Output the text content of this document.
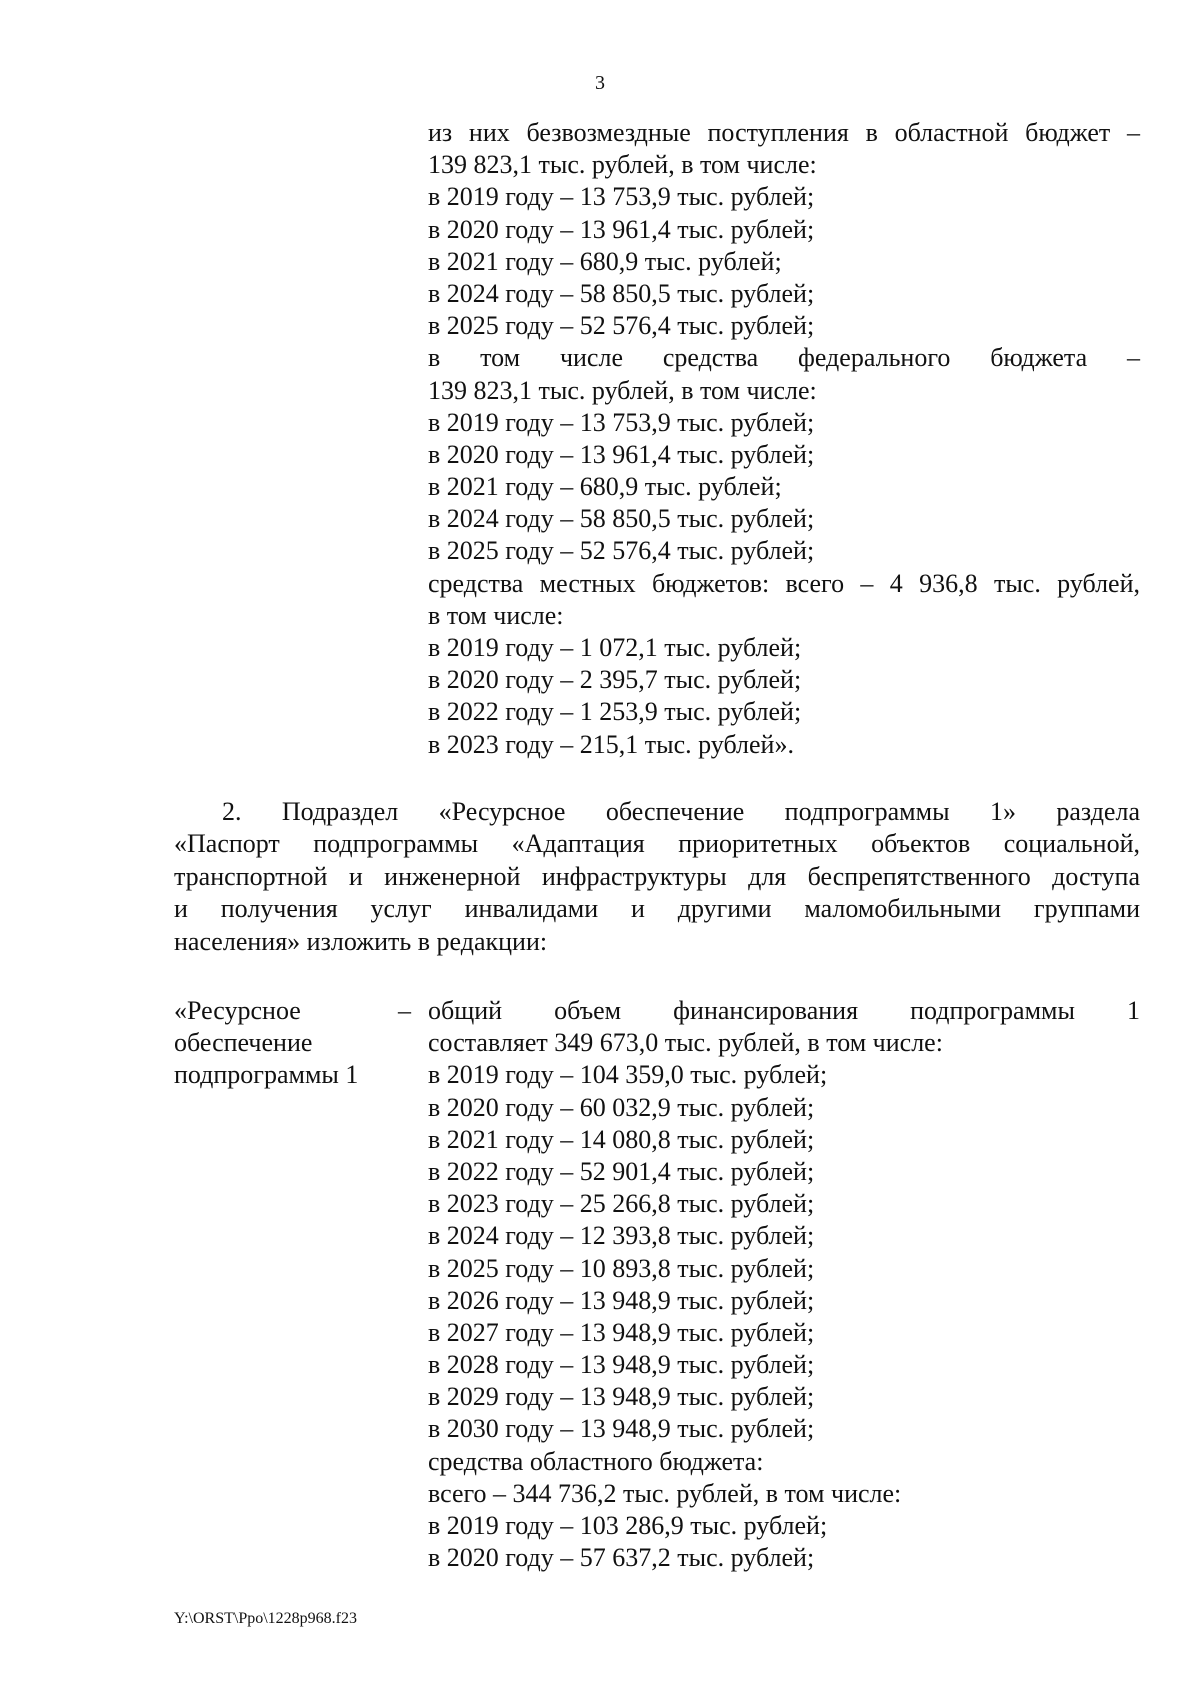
3
из них безвозмездные поступления в областной бюджет –
139 823,1 тыс. рублей, в том числе:
в 2019 году – 13 753,9 тыс. рублей;
в 2020 году – 13 961,4 тыс. рублей;
в 2021 году – 680,9 тыс. рублей;
в 2024 году – 58 850,5 тыс. рублей;
в 2025 году – 52 576,4 тыс. рублей;
в том числе средства федерального бюджета –
139 823,1 тыс. рублей, в том числе:
в 2019 году – 13 753,9 тыс. рублей;
в 2020 году – 13 961,4 тыс. рублей;
в 2021 году – 680,9 тыс. рублей;
в 2024 году – 58 850,5 тыс. рублей;
в 2025 году – 52 576,4 тыс. рублей;
средства местных бюджетов: всего – 4 936,8 тыс. рублей,
в том числе:
в 2019 году – 1 072,1 тыс. рублей;
в 2020 году – 2 395,7 тыс. рублей;
в 2022 году – 1 253,9 тыс. рублей;
в 2023 году – 215,1 тыс. рублей».
2. Подраздел «Ресурсное обеспечение подпрограммы 1» раздела
«Паспорт подпрограммы «Адаптация приоритетных объектов социальной,
транспортной и инженерной инфраструктуры для беспрепятственного доступа
и получения услуг инвалидами и другими маломобильными группами
населения» изложить в редакции:
«Ресурсное
обеспечение
подпрограммы 1
– общий объем финансирования подпрограммы 1
составляет 349 673,0 тыс. рублей, в том числе:
в 2019 году – 104 359,0 тыс. рублей;
в 2020 году – 60 032,9 тыс. рублей;
в 2021 году – 14 080,8 тыс. рублей;
в 2022 году – 52 901,4 тыс. рублей;
в 2023 году – 25 266,8 тыс. рублей;
в 2024 году – 12 393,8 тыс. рублей;
в 2025 году – 10 893,8 тыс. рублей;
в 2026 году – 13 948,9 тыс. рублей;
в 2027 году – 13 948,9 тыс. рублей;
в 2028 году – 13 948,9 тыс. рублей;
в 2029 году – 13 948,9 тыс. рублей;
в 2030 году – 13 948,9 тыс. рублей;
средства областного бюджета:
всего – 344 736,2 тыс. рублей, в том числе:
в 2019 году – 103 286,9 тыс. рублей;
в 2020 году – 57 637,2 тыс. рублей;
Y:\ORST\Ppo\1228p968.f23
